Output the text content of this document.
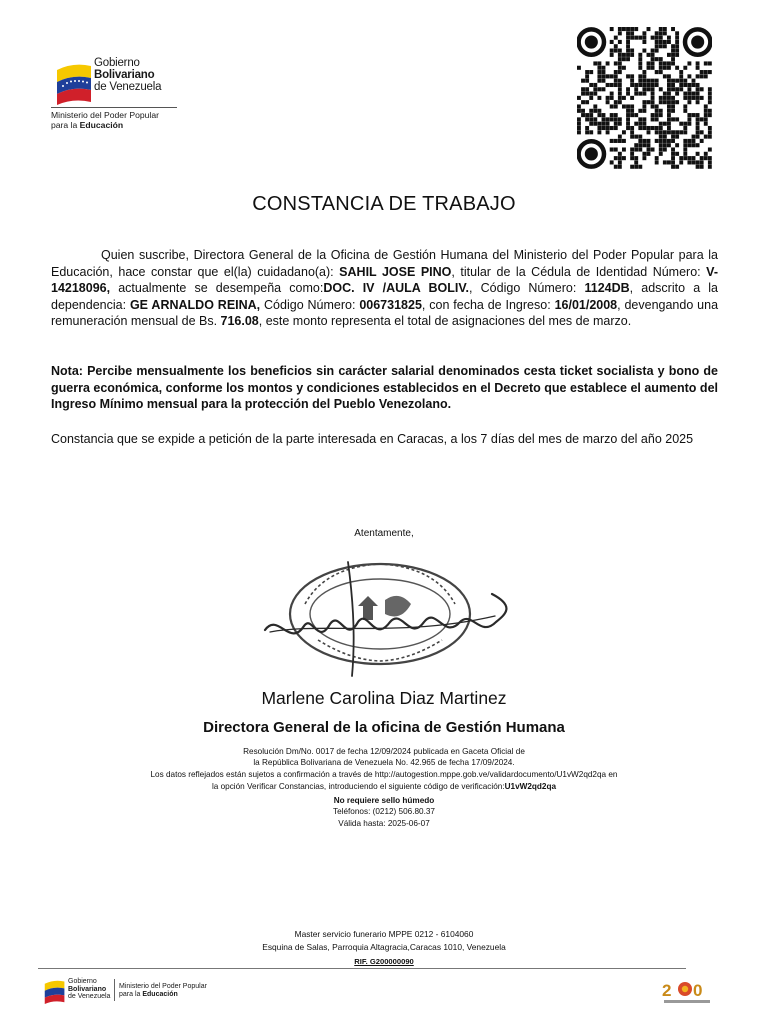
Gobierno
Bolivariano
de Venezuela
Ministerio del Poder Popular
para la Educación
CONSTANCIA DE TRABAJO
Quien suscribe, Directora General de la Oficina de Gestión Humana del Ministerio del Poder Popular para la Educación, hace constar que el(la) cuidadano(a): SAHIL JOSE PINO, titular de la Cédula de Identidad Número: V-14218096, actualmente se desempeña como:DOC. IV /AULA BOLIV., Código Número: 1124DB, adscrito a la dependencia: GE ARNALDO REINA, Código Número: 006731825, con fecha de Ingreso: 16/01/2008, devengando una remuneración mensual de Bs. 716.08, este monto representa el total de asignaciones del mes de marzo.
Nota: Percibe mensualmente los beneficios sin carácter salarial denominados cesta ticket socialista y bono de guerra económica, conforme los montos y condiciones establecidos en el Decreto que establece el aumento del Ingreso Mínimo mensual para la protección del Pueblo Venezolano.
Constancia que se expide a petición de la parte interesada en Caracas, a los 7 días del mes de marzo del año 2025
Atentamente,
Marlene Carolina Diaz Martinez
Directora General de la oficina de Gestión Humana
Resolución Dm/No. 0017 de fecha 12/09/2024 publicada en Gaceta Oficial de
la República Bolivariana de Venezuela No. 42.965 de fecha 17/09/2024.
Los datos reflejados están sujetos a confirmación a través de http://autogestion.mppe.gob.ve/validardocumento/U1vW2qd2qa en
la opción Verificar Constancias, introduciendo el siguiente código de verificación:U1vW2qd2qa
No requiere sello húmedo
Teléfonos: (0212) 506.80.37
Válida hasta: 2025-06-07
Master servicio funerario MPPE 0212 - 6104060
Esquina de Salas, Parroquia Altagracia,Caracas 1010, Venezuela
RIF. G200000090
Gobierno
Bolivariano
de Venezuela
Ministerio del Poder Popular
para la Educación	2 0
